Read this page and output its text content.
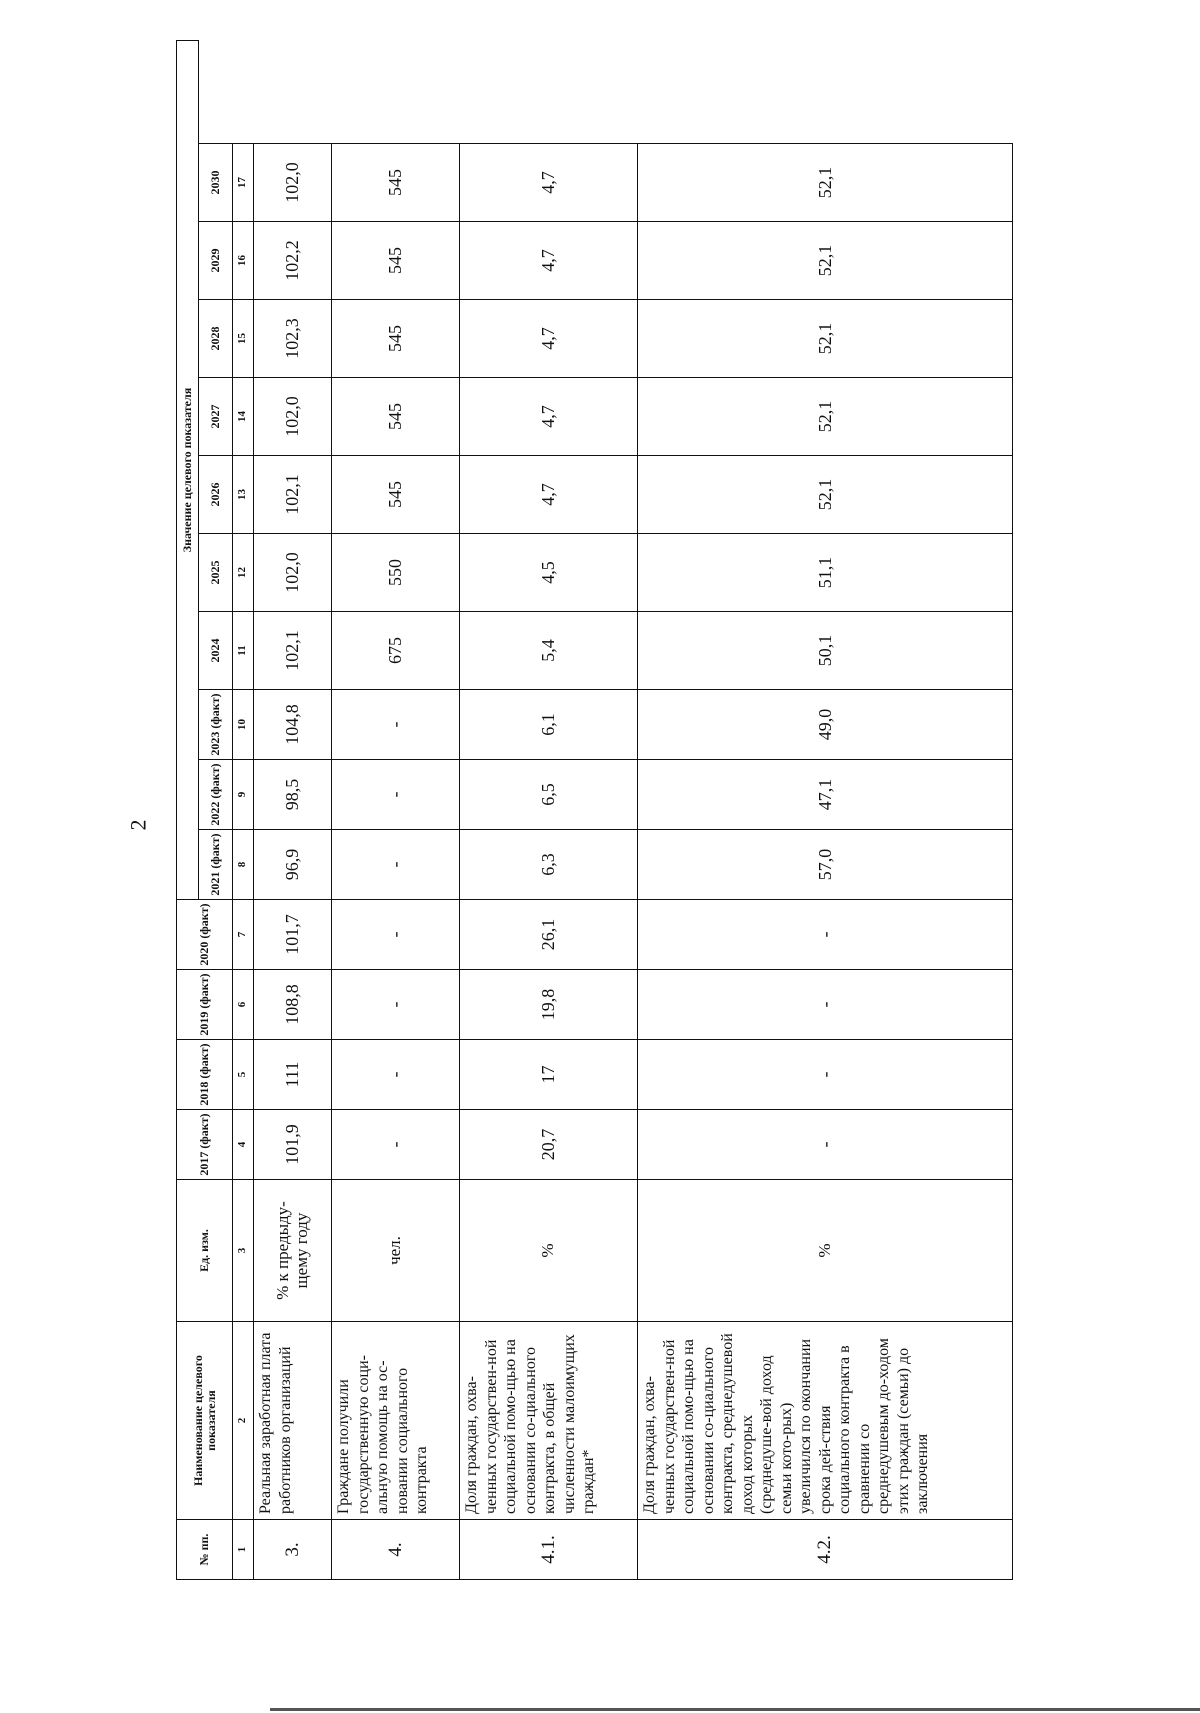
2
№ пп.	Наименование целевого показателя	Ед. изм.	2017 (факт)	2018 (факт)	2019 (факт)	2020 (факт)	Значение целевого показателя									
							2021 (факт)	2022 (факт)	2023 (факт)	2024	2025	2026	2027	2028	2029	2030
1	2	3	4	5	6	7	8	9	10	11	12	13	14	15	16	17
3.	Реальная заработная плата работников организаций	% к предыду-щему году	101,9	111	108,8	101,7	96,9	98,5	104,8	102,1	102,0	102,1	102,0	102,3	102,2	102,0
4.	Граждане получили государственную соци-альную помощь на ос-новании социального контракта	чел.	-	-	-	-	-	-	-	675	550	545	545	545	545	545
4.1.	Доля граждан, охва-ченных государствен-ной социальной помо-щью на основании со-циального контракта, в общей численности малоимущих граждан*	%	20,7	17	19,8	26,1	6,3	6,5	6,1	5,4	4,5	4,7	4,7	4,7	4,7	4,7
4.2.	Доля граждан, охва-ченных государствен-ной социальной помо-щью на основании со-циального контракта, среднедушевой доход которых (среднедуше-вой доход семьи кото-рых) увеличился по окончании срока дей-ствия социального контракта в сравнении со среднедушевым до-ходом этих граждан (семьи) до заключения	%	-	-	-	-	57,0	47,1	49,0	50,1	51,1	52,1	52,1	52,1	52,1	52,1
